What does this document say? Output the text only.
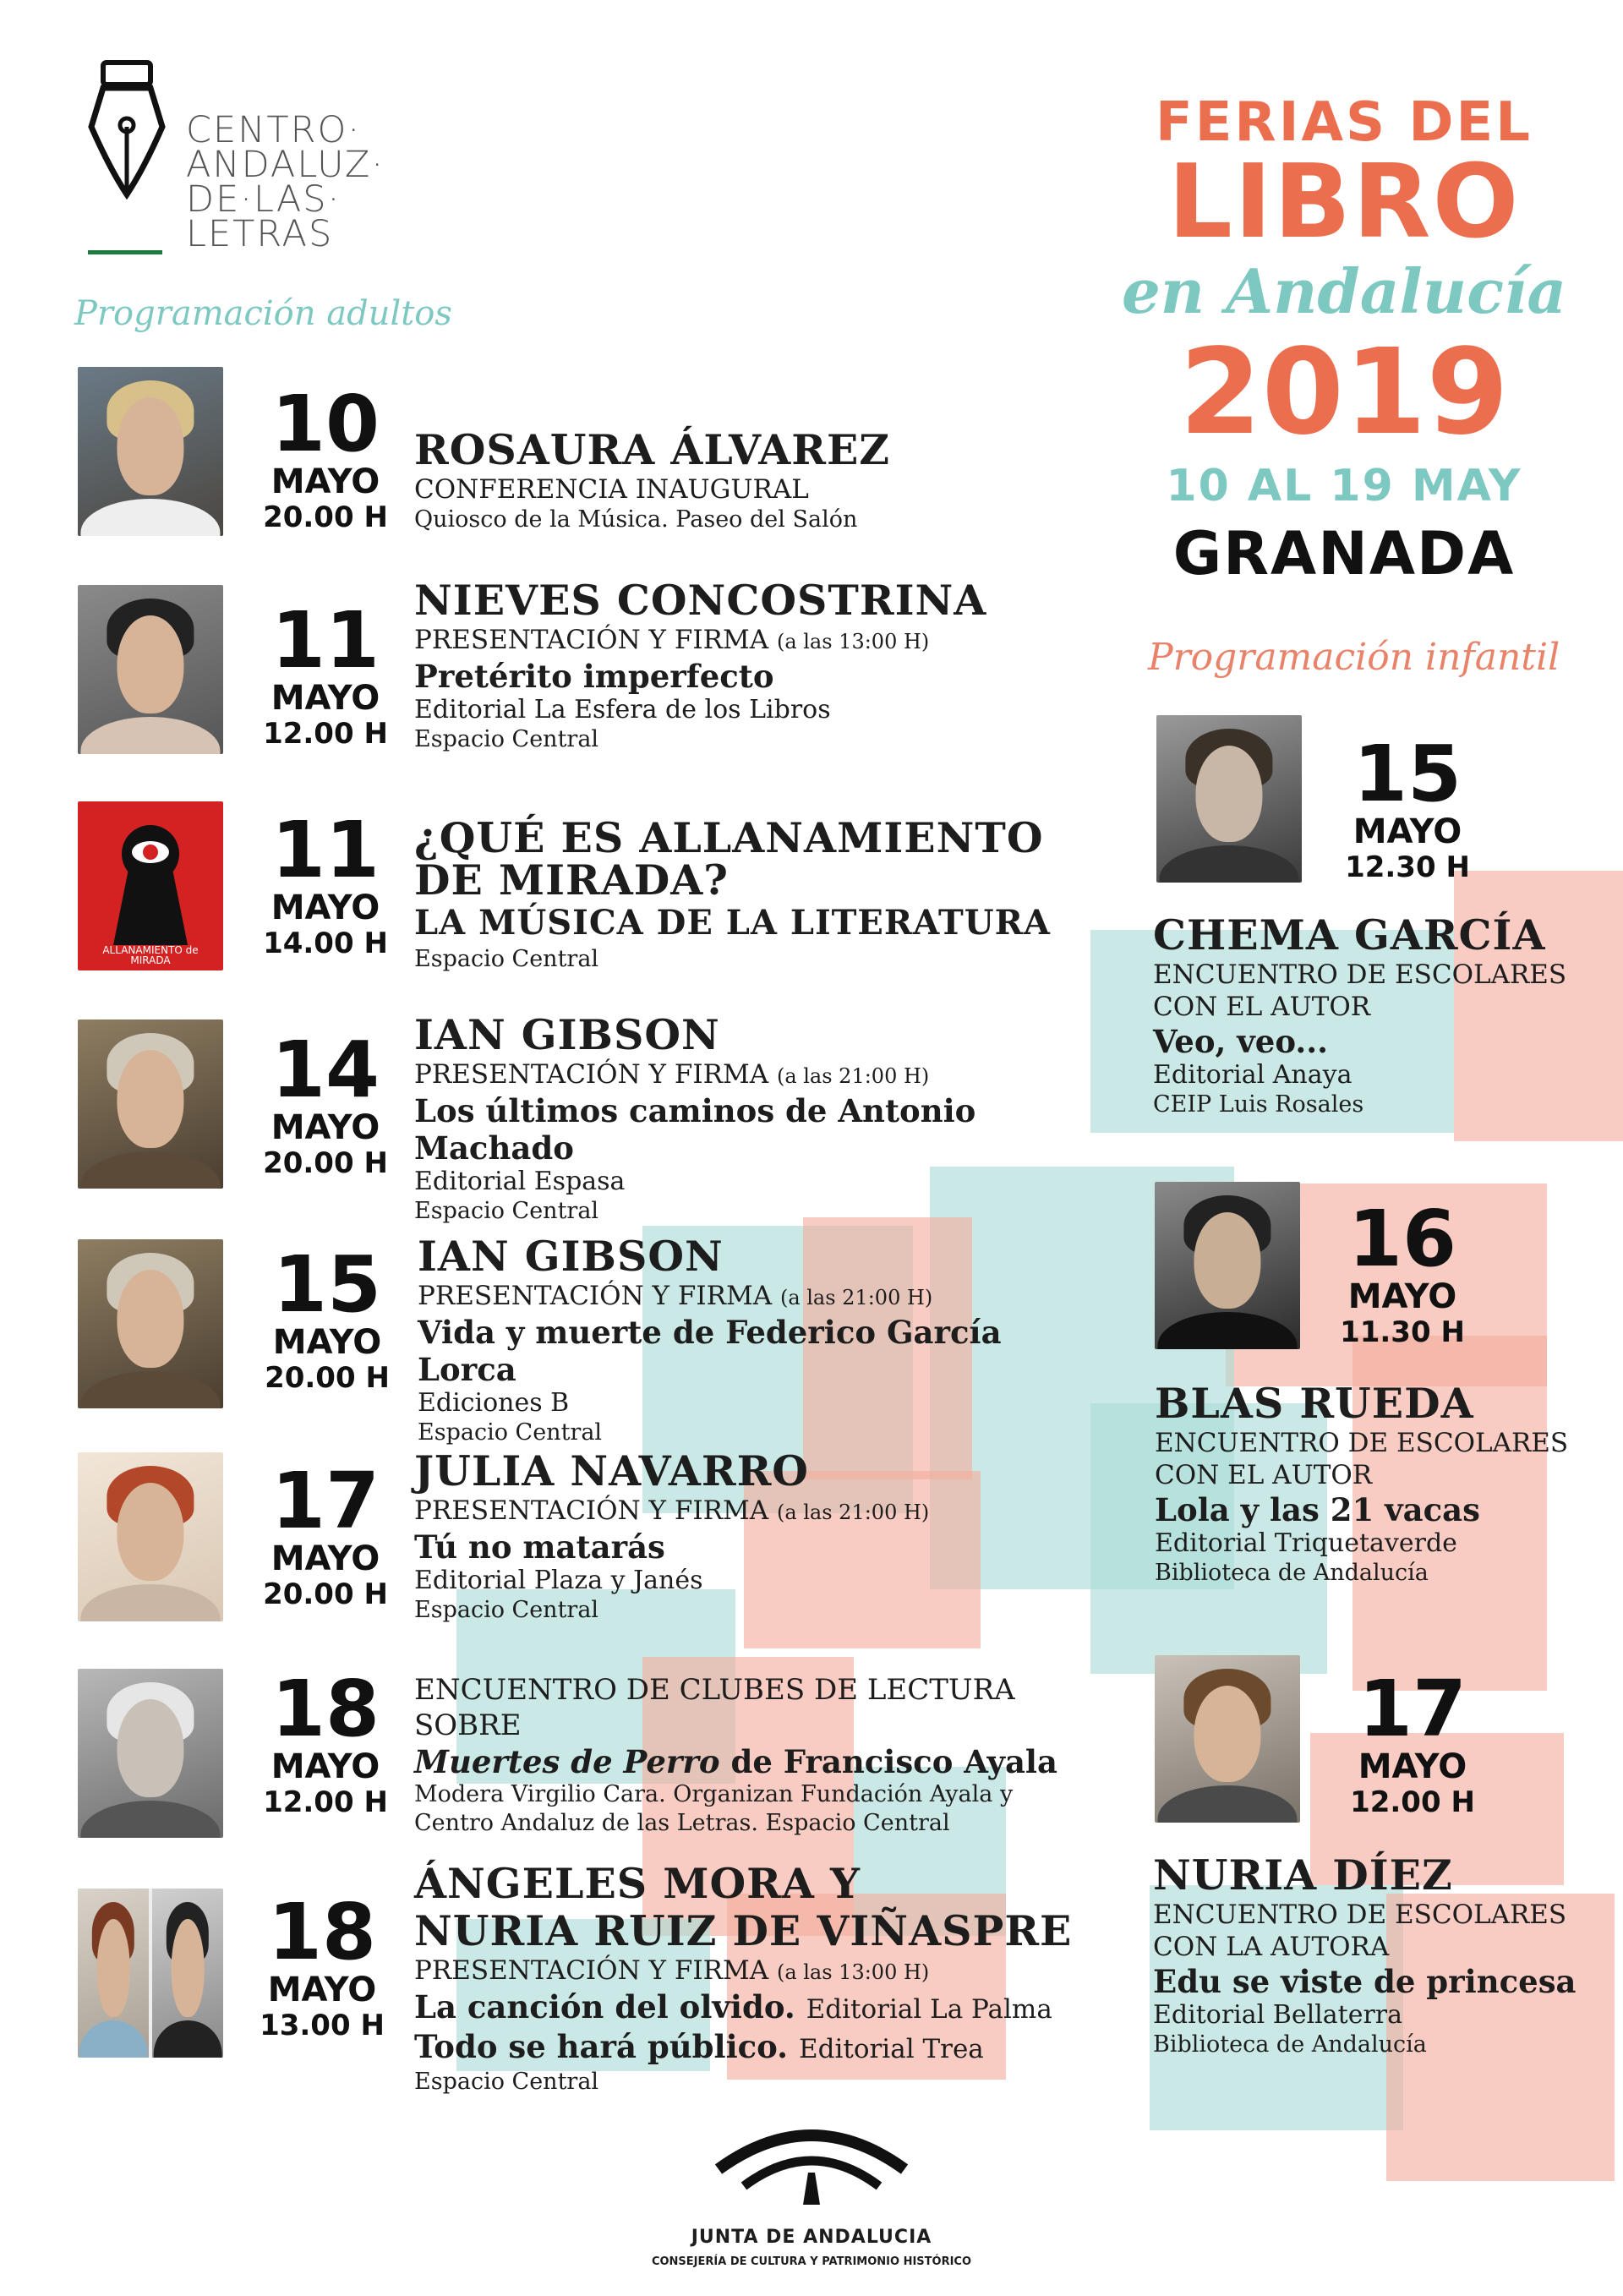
CENTRO·
ANDALUZ·
DE·LAS·
LETRAS
Programación adultos
FERIAS DEL
LIBRO
en Andalucía
2019
10 AL 19 MAY
GRANADA
Programación infantil
10
MAYO
20.00 H
ROSAURA ÁLVAREZ
CONFERENCIA INAUGURAL
Quiosco de la Música. Paseo del Salón
11
MAYO
12.00 H
NIEVES CONCOSTRINA
PRESENTACIÓN Y FIRMA (a las 13:00 H)
Pretérito imperfecto
Editorial La Esfera de los Libros
Espacio Central
ALLANAMIENTO de MIRADA
11
MAYO
14.00 H
¿QUÉ ES ALLANAMIENTO
DE MIRADA?
LA MÚSICA DE LA LITERATURA
Espacio Central
14
MAYO
20.00 H
IAN GIBSON
PRESENTACIÓN Y FIRMA (a las 21:00 H)
Los últimos caminos de Antonio Machado
Editorial Espasa
Espacio Central
15
MAYO
20.00 H
IAN GIBSON
PRESENTACIÓN Y FIRMA (a las 21:00 H)
Vida y muerte de Federico García Lorca
Ediciones B
Espacio Central
17
MAYO
20.00 H
JULIA NAVARRO
PRESENTACIÓN Y FIRMA (a las 21:00 H)
Tú no matarás
Editorial Plaza y Janés
Espacio Central
18
MAYO
12.00 H
ENCUENTRO DE CLUBES DE LECTURA
SOBRE
Muertes de Perro de Francisco Ayala
Modera Virgilio Cara. Organizan Fundación Ayala y
Centro Andaluz de las Letras. Espacio Central
18
MAYO
13.00 H
ÁNGELES MORA Y
NURIA RUIZ DE VIÑASPRE
PRESENTACIÓN Y FIRMA (a las 13:00 H)
La canción del olvido. Editorial La Palma
Todo se hará público. Editorial Trea
Espacio Central
15
MAYO
12.30 H
CHEMA GARCÍA
ENCUENTRO DE ESCOLARES
CON EL AUTOR
Veo, veo...
Editorial Anaya
CEIP Luis Rosales
16
MAYO
11.30 H
BLAS RUEDA
ENCUENTRO DE ESCOLARES
CON EL AUTOR
Lola y las 21 vacas
Editorial Triquetaverde
Biblioteca de Andalucía
17
MAYO
12.00 H
NURIA DÍEZ
ENCUENTRO DE ESCOLARES
CON LA AUTORA
Edu se viste de princesa
Editorial Bellaterra
Biblioteca de Andalucía
JUNTA DE ANDALUCIA
CONSEJERÍA DE CULTURA Y PATRIMONIO HISTÓRICO
